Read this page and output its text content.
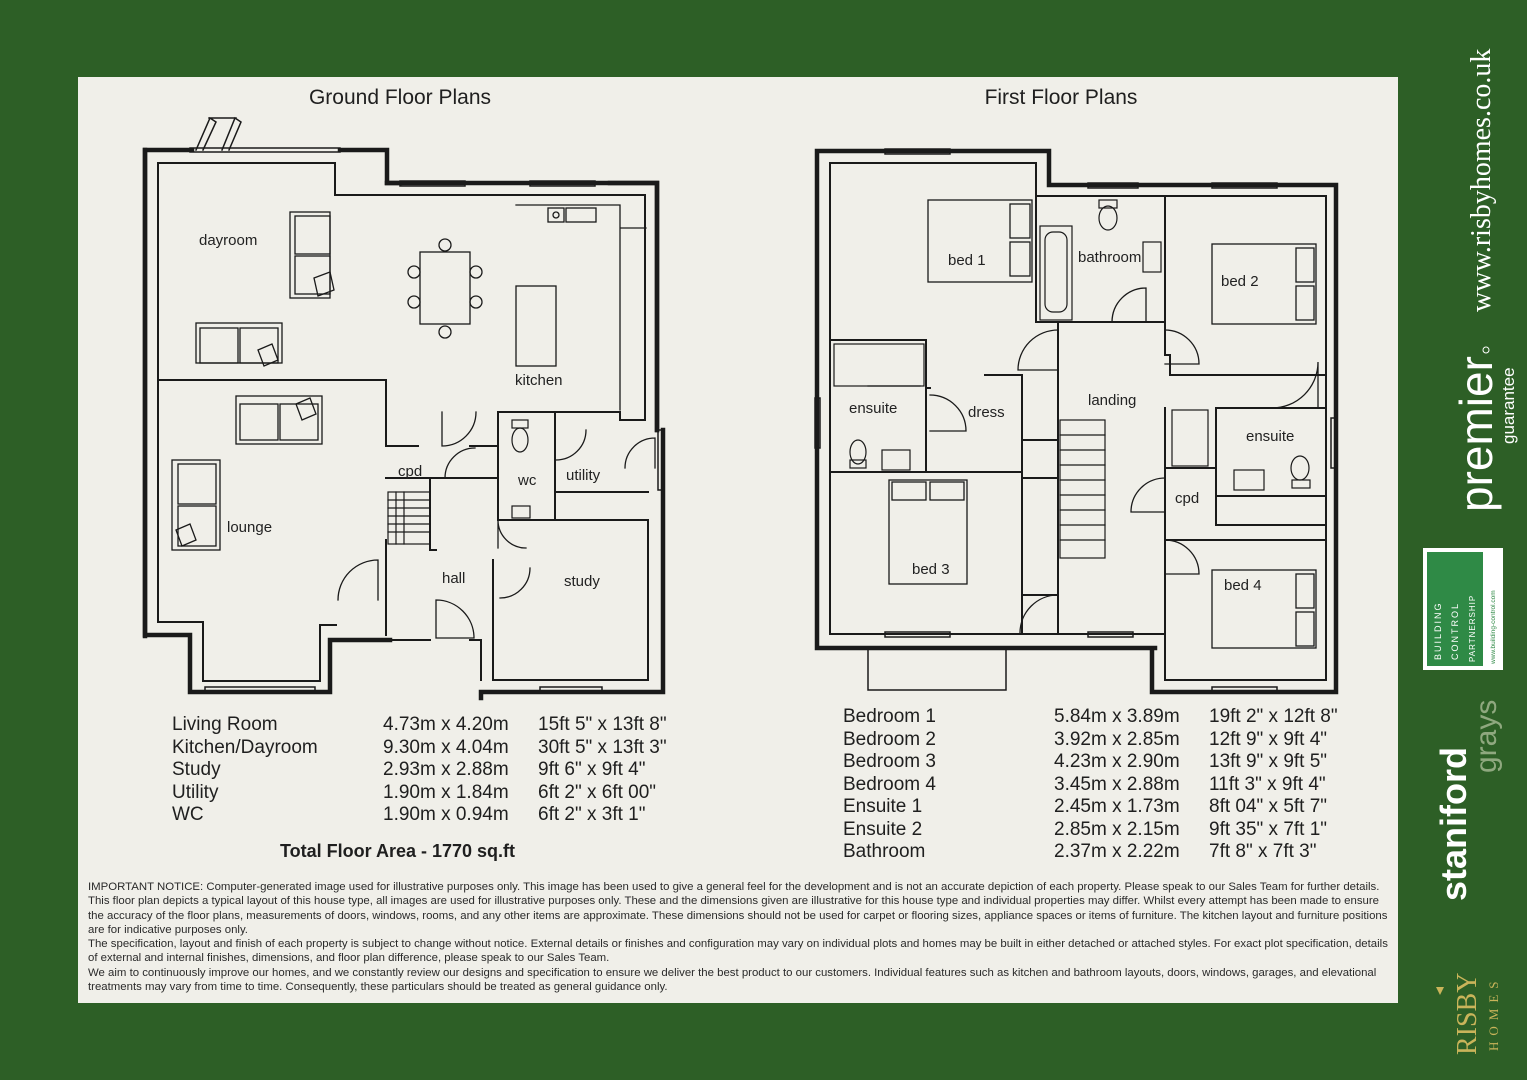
www.risbyhomes.co.uk
premier
guarantee
BUILDING CONTROL PARTNERSHIP www.building-control.com
staniford
grays
RISBY HOMES
Ground Floor Plans	First Floor Plans
dayroom
kitchen
lounge
cpd
wc utility
hall	study
bed 1	bathroom
bed 2
ensuite	dress
landing
ensuite
cpd
bed 3
bed 4
Living Room	4.73m x 4.20m	15ft 5" x 13ft 8"
Kitchen/Dayroom	9.30m x 4.04m	30ft 5" x 13ft 3"
Study	2.93m x 2.88m	9ft 6" x 9ft 4"
Utility	1.90m x 1.84m	6ft 2" x 6ft 00"
WC	1.90m x 0.94m	6ft 2" x 3ft 1"
Total Floor Area - 1770 sq.ft
Bedroom 1	5.84m x 3.89m	19ft 2" x 12ft 8"
Bedroom 2	3.92m x 2.85m	12ft 9" x 9ft 4"
Bedroom 3	4.23m x 2.90m	13ft 9" x 9ft 5"
Bedroom 4	3.45m x 2.88m	11ft 3" x 9ft 4"
Ensuite 1	2.45m x 1.73m	8ft 04" x 5ft 7"
Ensuite 2	2.85m x 2.15m	9ft 35" x 7ft 1"
Bathroom	2.37m x 2.22m	7ft 8" x 7ft 3"

IMPORTANT NOTICE: Computer-generated image used for illustrative purposes only. This image has been used to give a general feel for the development and is not an accurate depiction of each property. Please speak to our Sales Team for further details. This floor plan depicts a typical layout of this house type, all images are used for illustrative purposes only. These and the dimensions given are illustrative for this house type and individual properties may differ. Whilst every attempt has been made to ensure the accuracy of the floor plans, measurements of doors, windows, rooms, and any other items are approximate. These dimensions should not be used for carpet or flooring sizes, appliance spaces or items of furniture. The kitchen layout and furniture positions are for indicative purposes only.

The specification, layout and finish of each property is subject to change without notice. External details or finishes and configuration may vary on individual plots and homes may be built in either detached or attached styles. For exact plot specification, details of external and internal finishes, dimensions, and floor plan difference, please speak to our Sales Team.

We aim to continuously improve our homes, and we constantly review our designs and specification to ensure we deliver the best product to our customers. Individual features such as kitchen and bathroom layouts, doors, windows, garages, and elevational treatments may vary from time to time. Consequently, these particulars should be treated as general guidance only.
